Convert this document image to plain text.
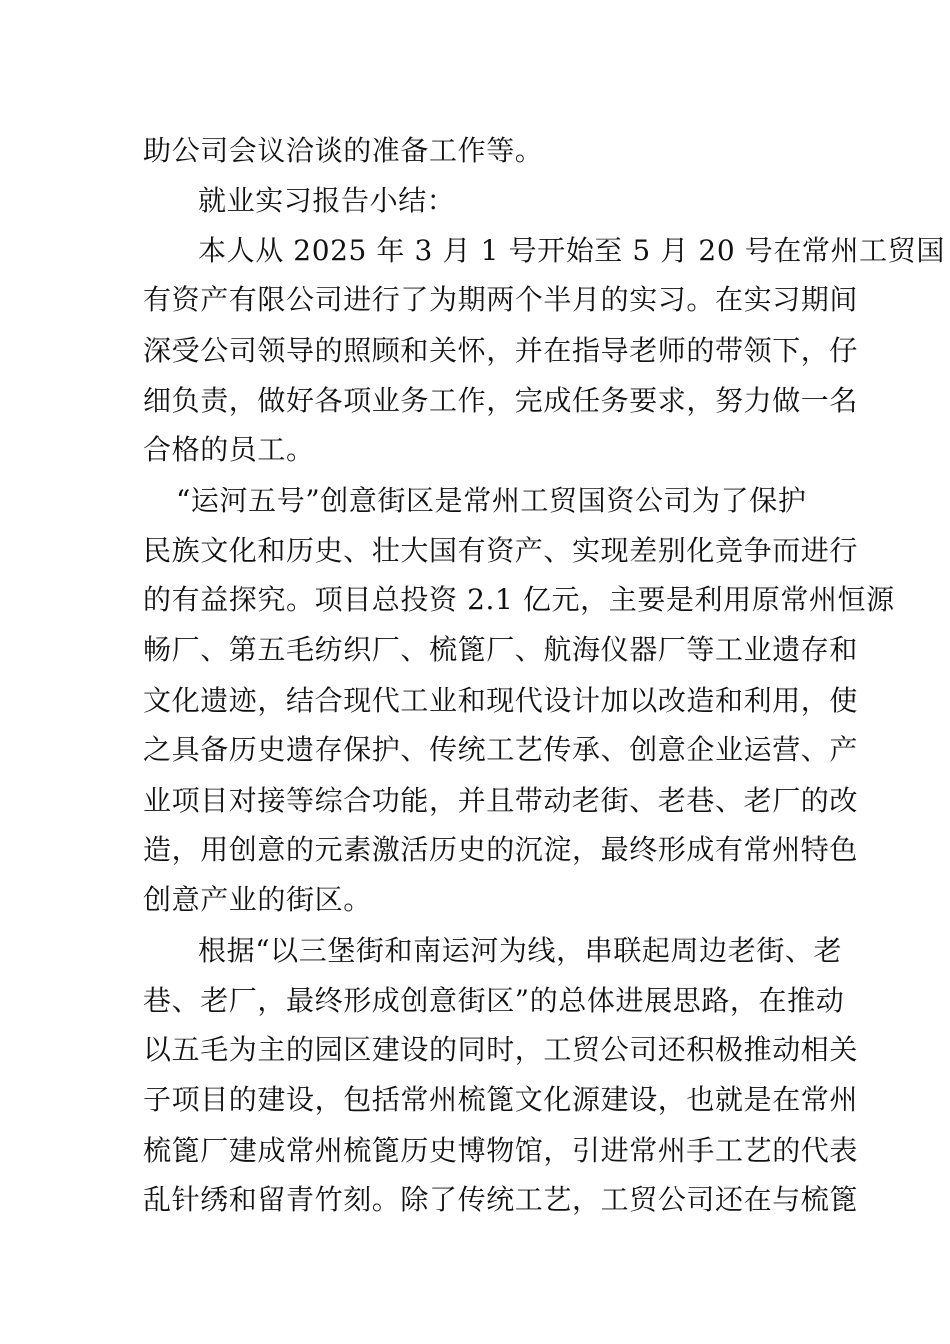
助公司会议洽谈的准备工作等。
就业实习报告小结：
本人从 2025 年 3 月 1 号开始至 5 月 20 号在常州工贸国
有资产有限公司进行了为期两个半月的实习。在实习期间
深受公司领导的照顾和关怀，并在指导老师的带领下，仔
细负责，做好各项业务工作，完成任务要求，努力做一名
合格的员工。
“运河五号”创意街区是常州工贸国资公司为了保护
民族文化和历史、壮大国有资产、实现差别化竞争而进行
的有益探究。项目总投资 2.1 亿元，主要是利用原常州恒源
畅厂、第五毛纺织厂、梳篦厂、航海仪器厂等工业遗存和
文化遗迹，结合现代工业和现代设计加以改造和利用，使
之具备历史遗存保护、传统工艺传承、创意企业运营、产
业项目对接等综合功能，并且带动老街、老巷、老厂的改
造，用创意的元素激活历史的沉淀，最终形成有常州特色
创意产业的街区。
根据“以三堡街和南运河为线，串联起周边老街、老
巷、老厂，最终形成创意街区”的总体进展思路，在推动
以五毛为主的园区建设的同时，工贸公司还积极推动相关
子项目的建设，包括常州梳篦文化源建设，也就是在常州
梳篦厂建成常州梳篦历史博物馆，引进常州手工艺的代表
乱针绣和留青竹刻。除了传统工艺，工贸公司还在与梳篦
